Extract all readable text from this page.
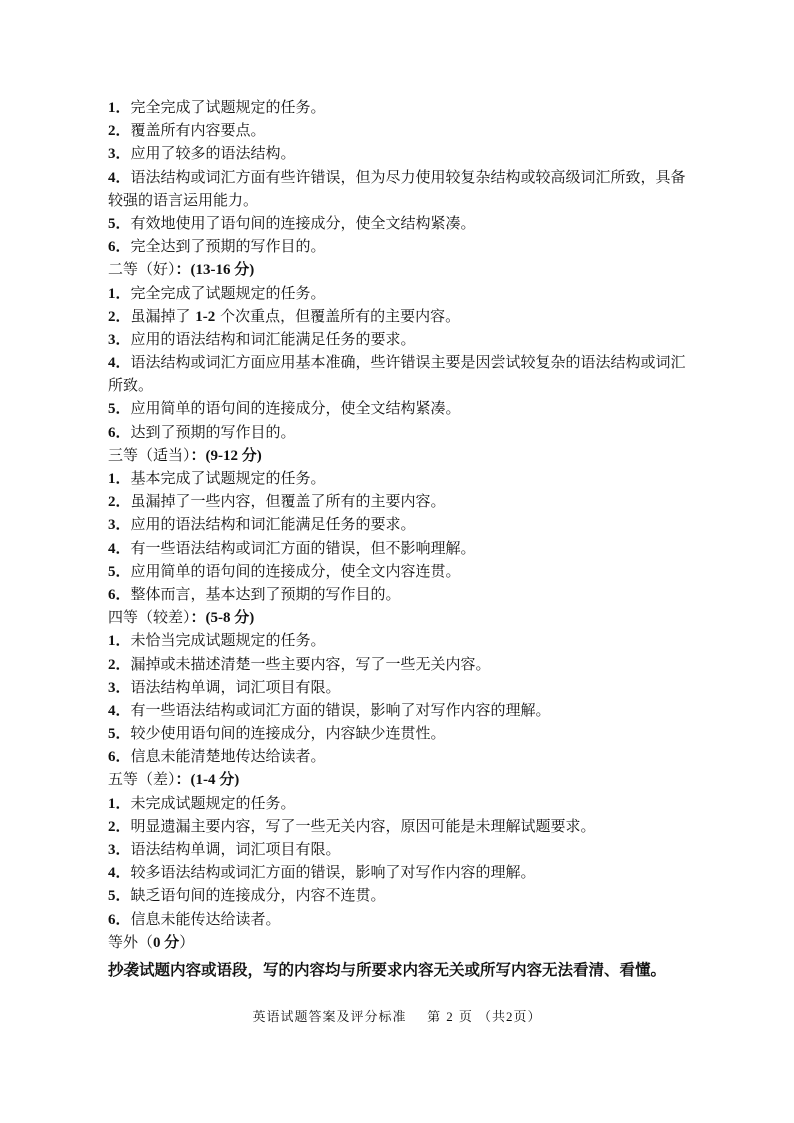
1．完全完成了试题规定的任务。
2．覆盖所有内容要点。
3．应用了较多的语法结构。
4．语法结构或词汇方面有些许错误，但为尽力使用较复杂结构或较高级词汇所致，具备
较强的语言运用能力。
5．有效地使用了语句间的连接成分，使全文结构紧凑。
6．完全达到了预期的写作目的。
二等（好）：(13-16 分)
1．完全完成了试题规定的任务。
2．虽漏掉了 1-2 个次重点，但覆盖所有的主要内容。
3．应用的语法结构和词汇能满足任务的要求。
4．语法结构或词汇方面应用基本准确，些许错误主要是因尝试较复杂的语法结构或词汇
所致。
5．应用简单的语句间的连接成分，使全文结构紧凑。
6．达到了预期的写作目的。
三等（适当）：(9-12 分)
1．基本完成了试题规定的任务。
2．虽漏掉了一些内容，但覆盖了所有的主要内容。
3．应用的语法结构和词汇能满足任务的要求。
4．有一些语法结构或词汇方面的错误，但不影响理解。
5．应用简单的语句间的连接成分，使全文内容连贯。
6．整体而言，基本达到了预期的写作目的。
四等（较差）：(5-8 分)
1．未恰当完成试题规定的任务。
2．漏掉或未描述清楚一些主要内容，写了一些无关内容。
3．语法结构单调，词汇项目有限。
4．有一些语法结构或词汇方面的错误，影响了对写作内容的理解。
5．较少使用语句间的连接成分，内容缺少连贯性。
6．信息未能清楚地传达给读者。
五等（差）：(1-4 分)
1．未完成试题规定的任务。
2．明显遗漏主要内容，写了一些无关内容，原因可能是未理解试题要求。
3．语法结构单调，词汇项目有限。
4．较多语法结构或词汇方面的错误，影响了对写作内容的理解。
5．缺乏语句间的连接成分，内容不连贯。
6．信息未能传达给读者。
等外（0 分）
抄袭试题内容或语段，写的内容均与所要求内容无关或所写内容无法看清、看懂。
英语试题答案及评分标准 第 2 页 （共2页）
